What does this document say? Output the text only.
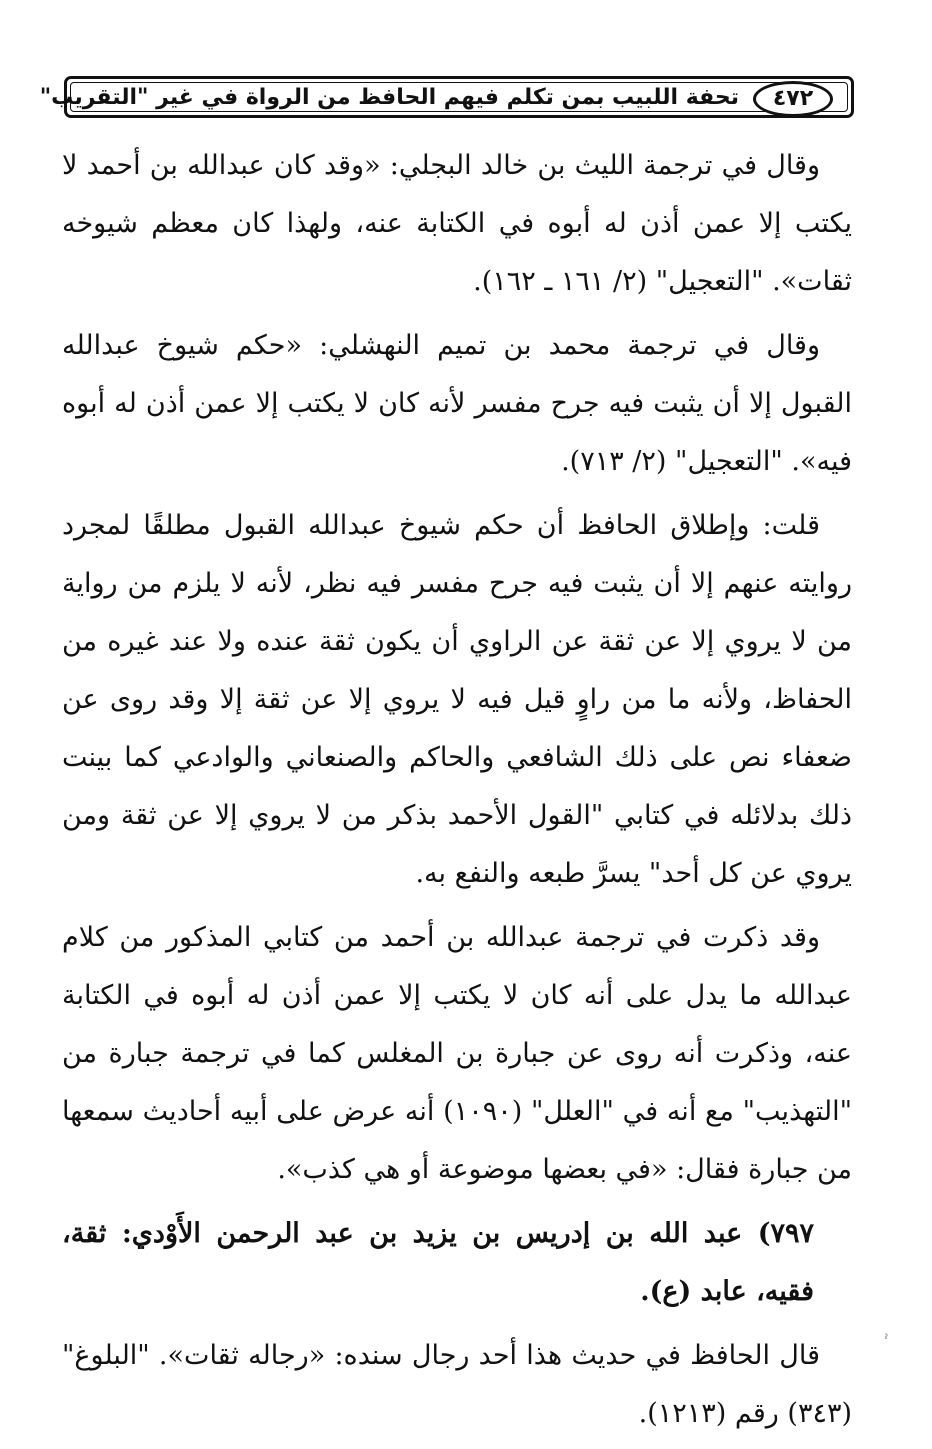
٤٧٢
تحفة اللبيب بمن تكلم فيهم الحافظ من الرواة في غير "التقريب"

وقال في ترجمة الليث بن خالد البجلي: «وقد كان عبدالله بن أحمد لا يكتب إلا عمن أذن له أبوه في الكتابة عنه، ولهذا كان معظم شيوخه ثقات». "التعجيل" (٢/ ١٦١ ـ ١٦٢).

وقال في ترجمة محمد بن تميم النهشلي: «حكم شيوخ عبدالله القبول إلا أن يثبت فيه جرح مفسر لأنه كان لا يكتب إلا عمن أذن له أبوه فيه». "التعجيل" (٢/ ٧١٣).

قلت: وإطلاق الحافظ أن حكم شيوخ عبدالله القبول مطلقًا لمجرد روايته عنهم إلا أن يثبت فيه جرح مفسر فيه نظر، لأنه لا يلزم من رواية من لا يروي إلا عن ثقة عن الراوي أن يكون ثقة عنده ولا عند غيره من الحفاظ، ولأنه ما من راوٍ قيل فيه لا يروي إلا عن ثقة إلا وقد روى عن ضعفاء نص على ذلك الشافعي والحاكم والصنعاني والوادعي كما بينت ذلك بدلائله في كتابي "القول الأحمد بذكر من لا يروي إلا عن ثقة ومن يروي عن كل أحد" يسرَّ طبعه والنفع به.

وقد ذكرت في ترجمة عبدالله بن أحمد من كتابي المذكور من كلام عبدالله ما يدل على أنه كان لا يكتب إلا عمن أذن له أبوه في الكتابة عنه، وذكرت أنه روى عن جبارة بن المغلس كما في ترجمة جبارة من "التهذيب" مع أنه في "العلل" (١٠٩٠) أنه عرض على أبيه أحاديث سمعها من جبارة فقال: «في بعضها موضوعة أو هي كذب».

٧٩٧) عبد الله بن إدريس بن يزيد بن عبد الرحمن الأَوْدي: ثقة، فقيه، عابد (ع).

قال الحافظ في حديث هذا أحد رجال سنده: «رجاله ثقات». "البلوغ" (٣٤٣) رقم (١٢١٣).

ˀ
